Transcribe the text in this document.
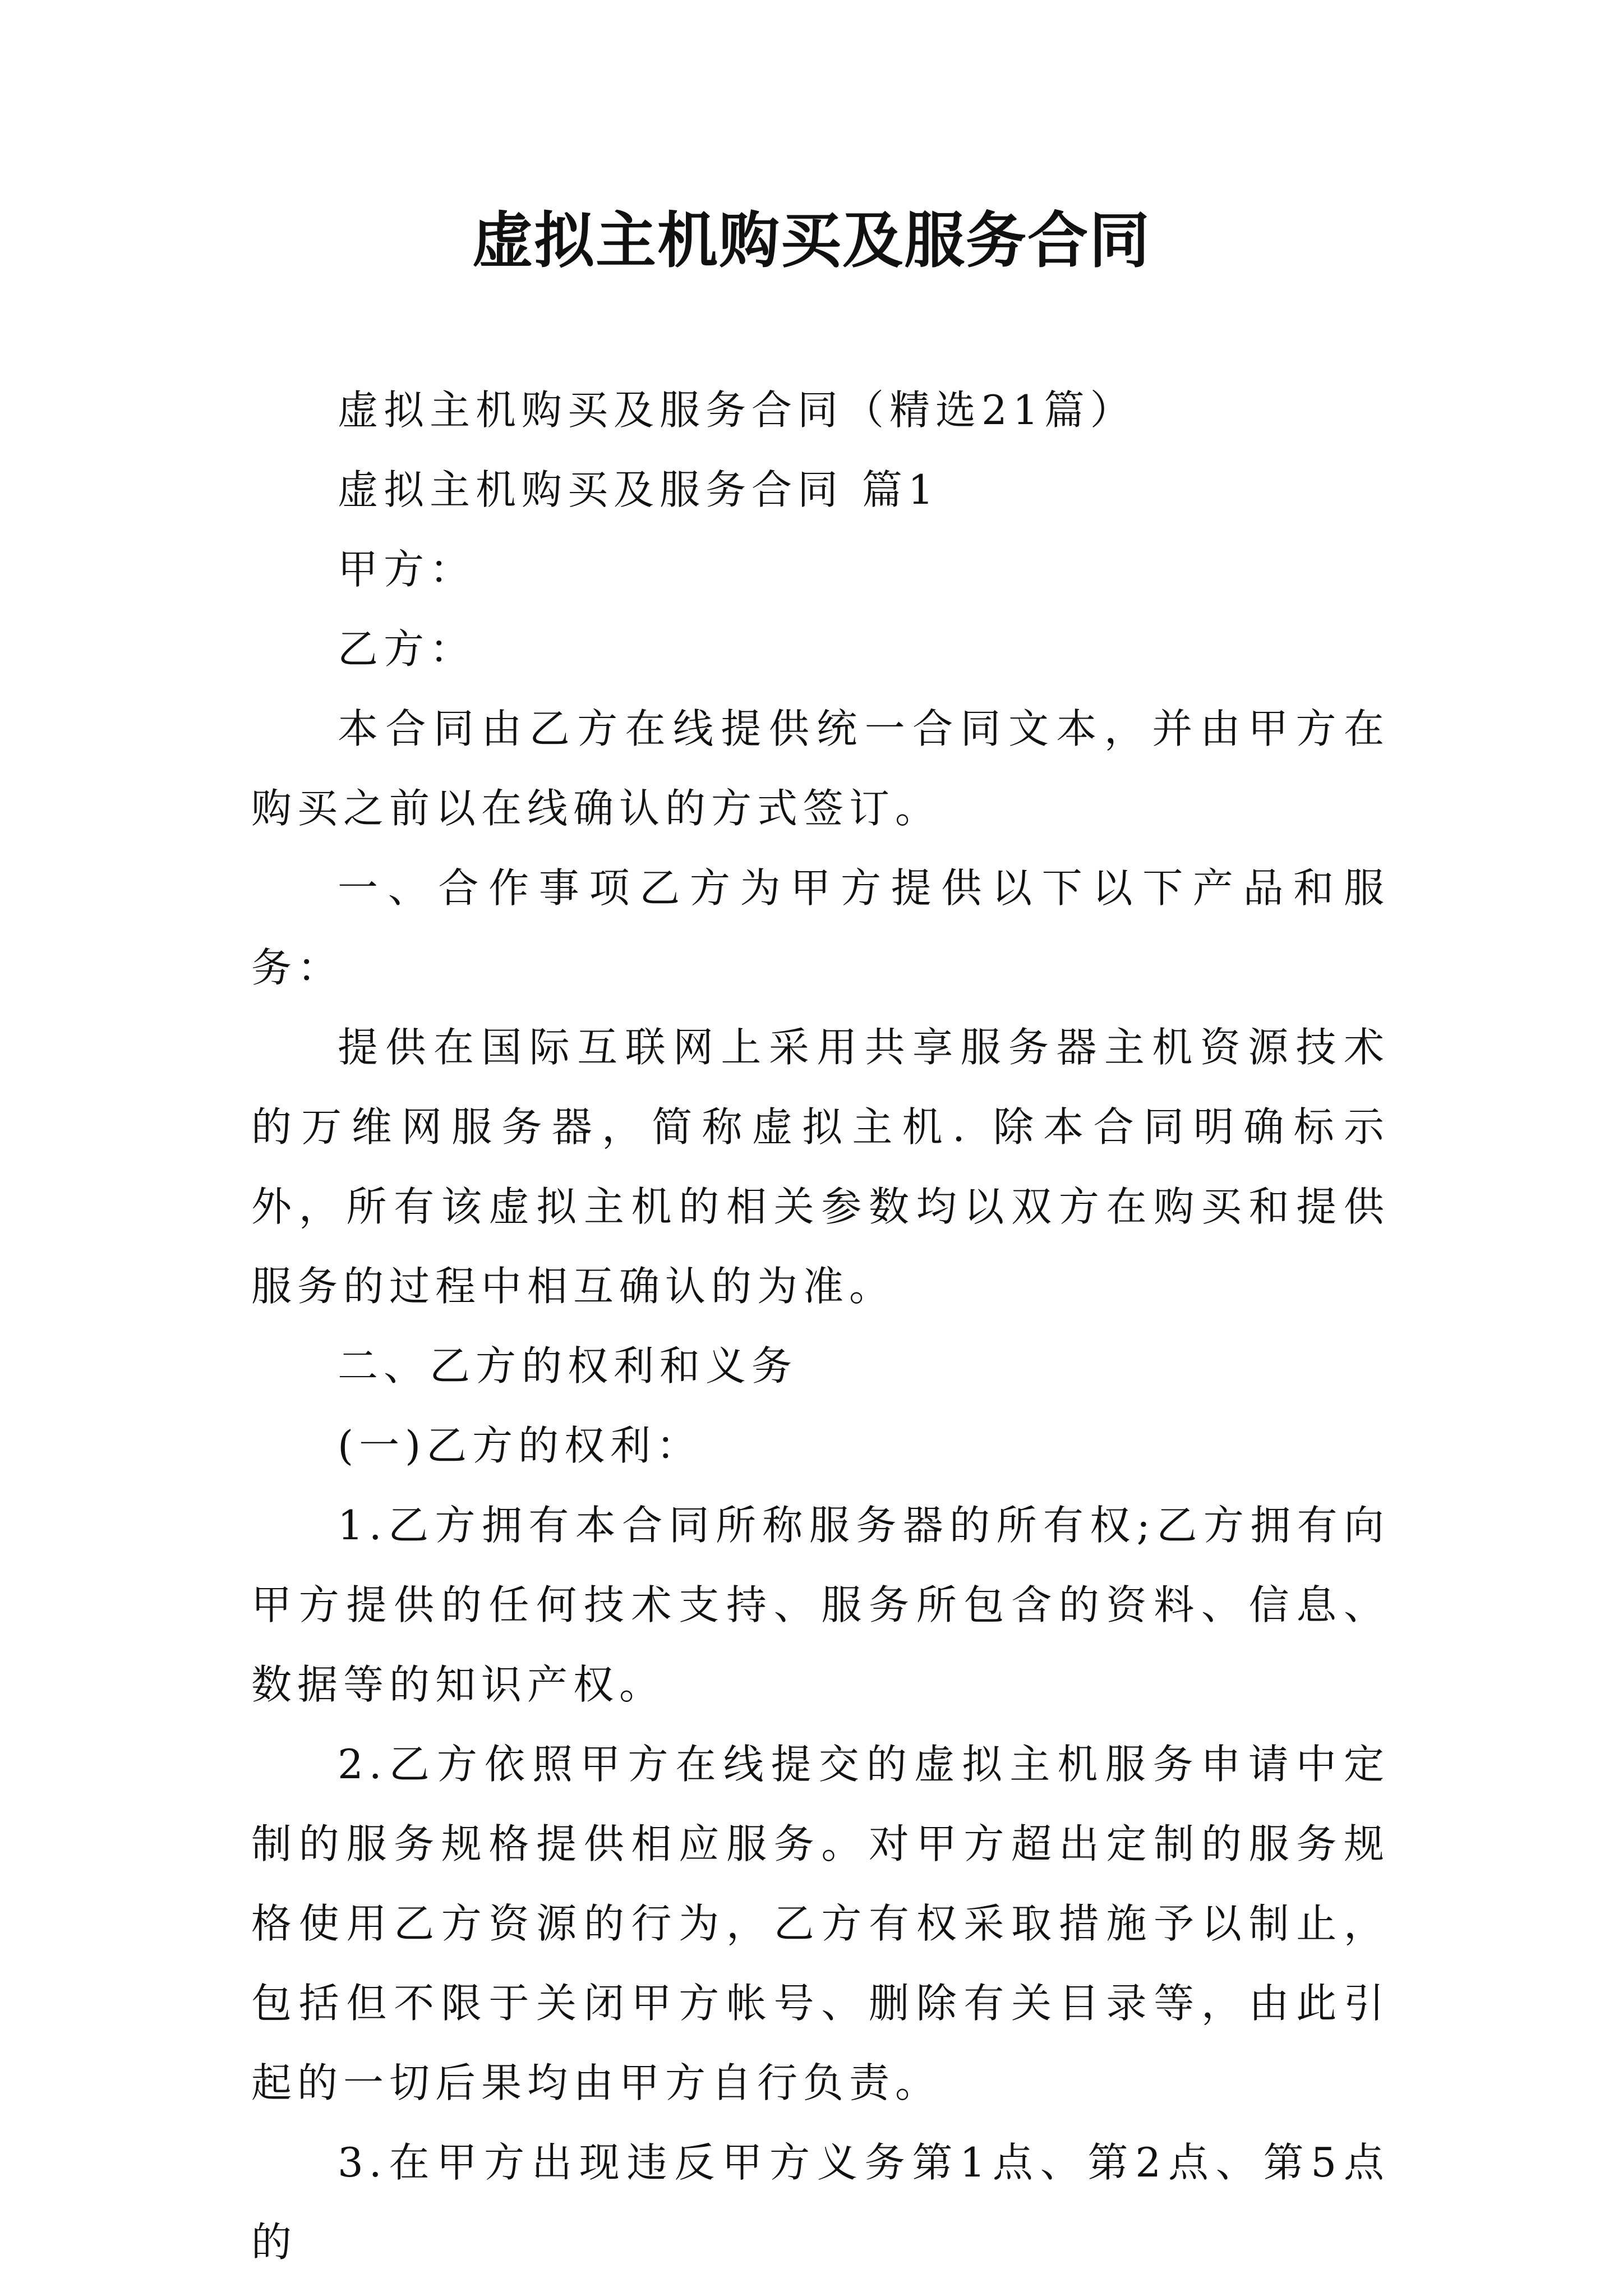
虚拟主机购买及服务合同

虚拟主机购买及服务合同（精选21篇）

虚拟主机购买及服务合同 篇1

甲方：

乙方：

本合同由乙方在线提供统一合同文本，并由甲方在购买之前以在线确认的方式签订。

一、合作事项乙方为甲方提供以下以下产品和服务：

提供在国际互联网上采用共享服务器主机资源技术的万维网服务器，简称虚拟主机. 除本合同明确标示外，所有该虚拟主机的相关参数均以双方在购买和提供服务的过程中相互确认的为准。

二、乙方的权利和义务

(一)乙方的权利：

1.乙方拥有本合同所称服务器的所有权;乙方拥有向甲方提供的任何技术支持、服务所包含的资料、信息、数据等的知识产权。

2.乙方依照甲方在线提交的虚拟主机服务申请中定制的服务规格提供相应服务。对甲方超出定制的服务规格使用乙方资源的行为，乙方有权采取措施予以制止，包括但不限于关闭甲方帐号、删除有关目录等，由此引起的一切后果均由甲方自行负责。

3.在甲方出现违反甲方义务第1点、第2点、第5点的
